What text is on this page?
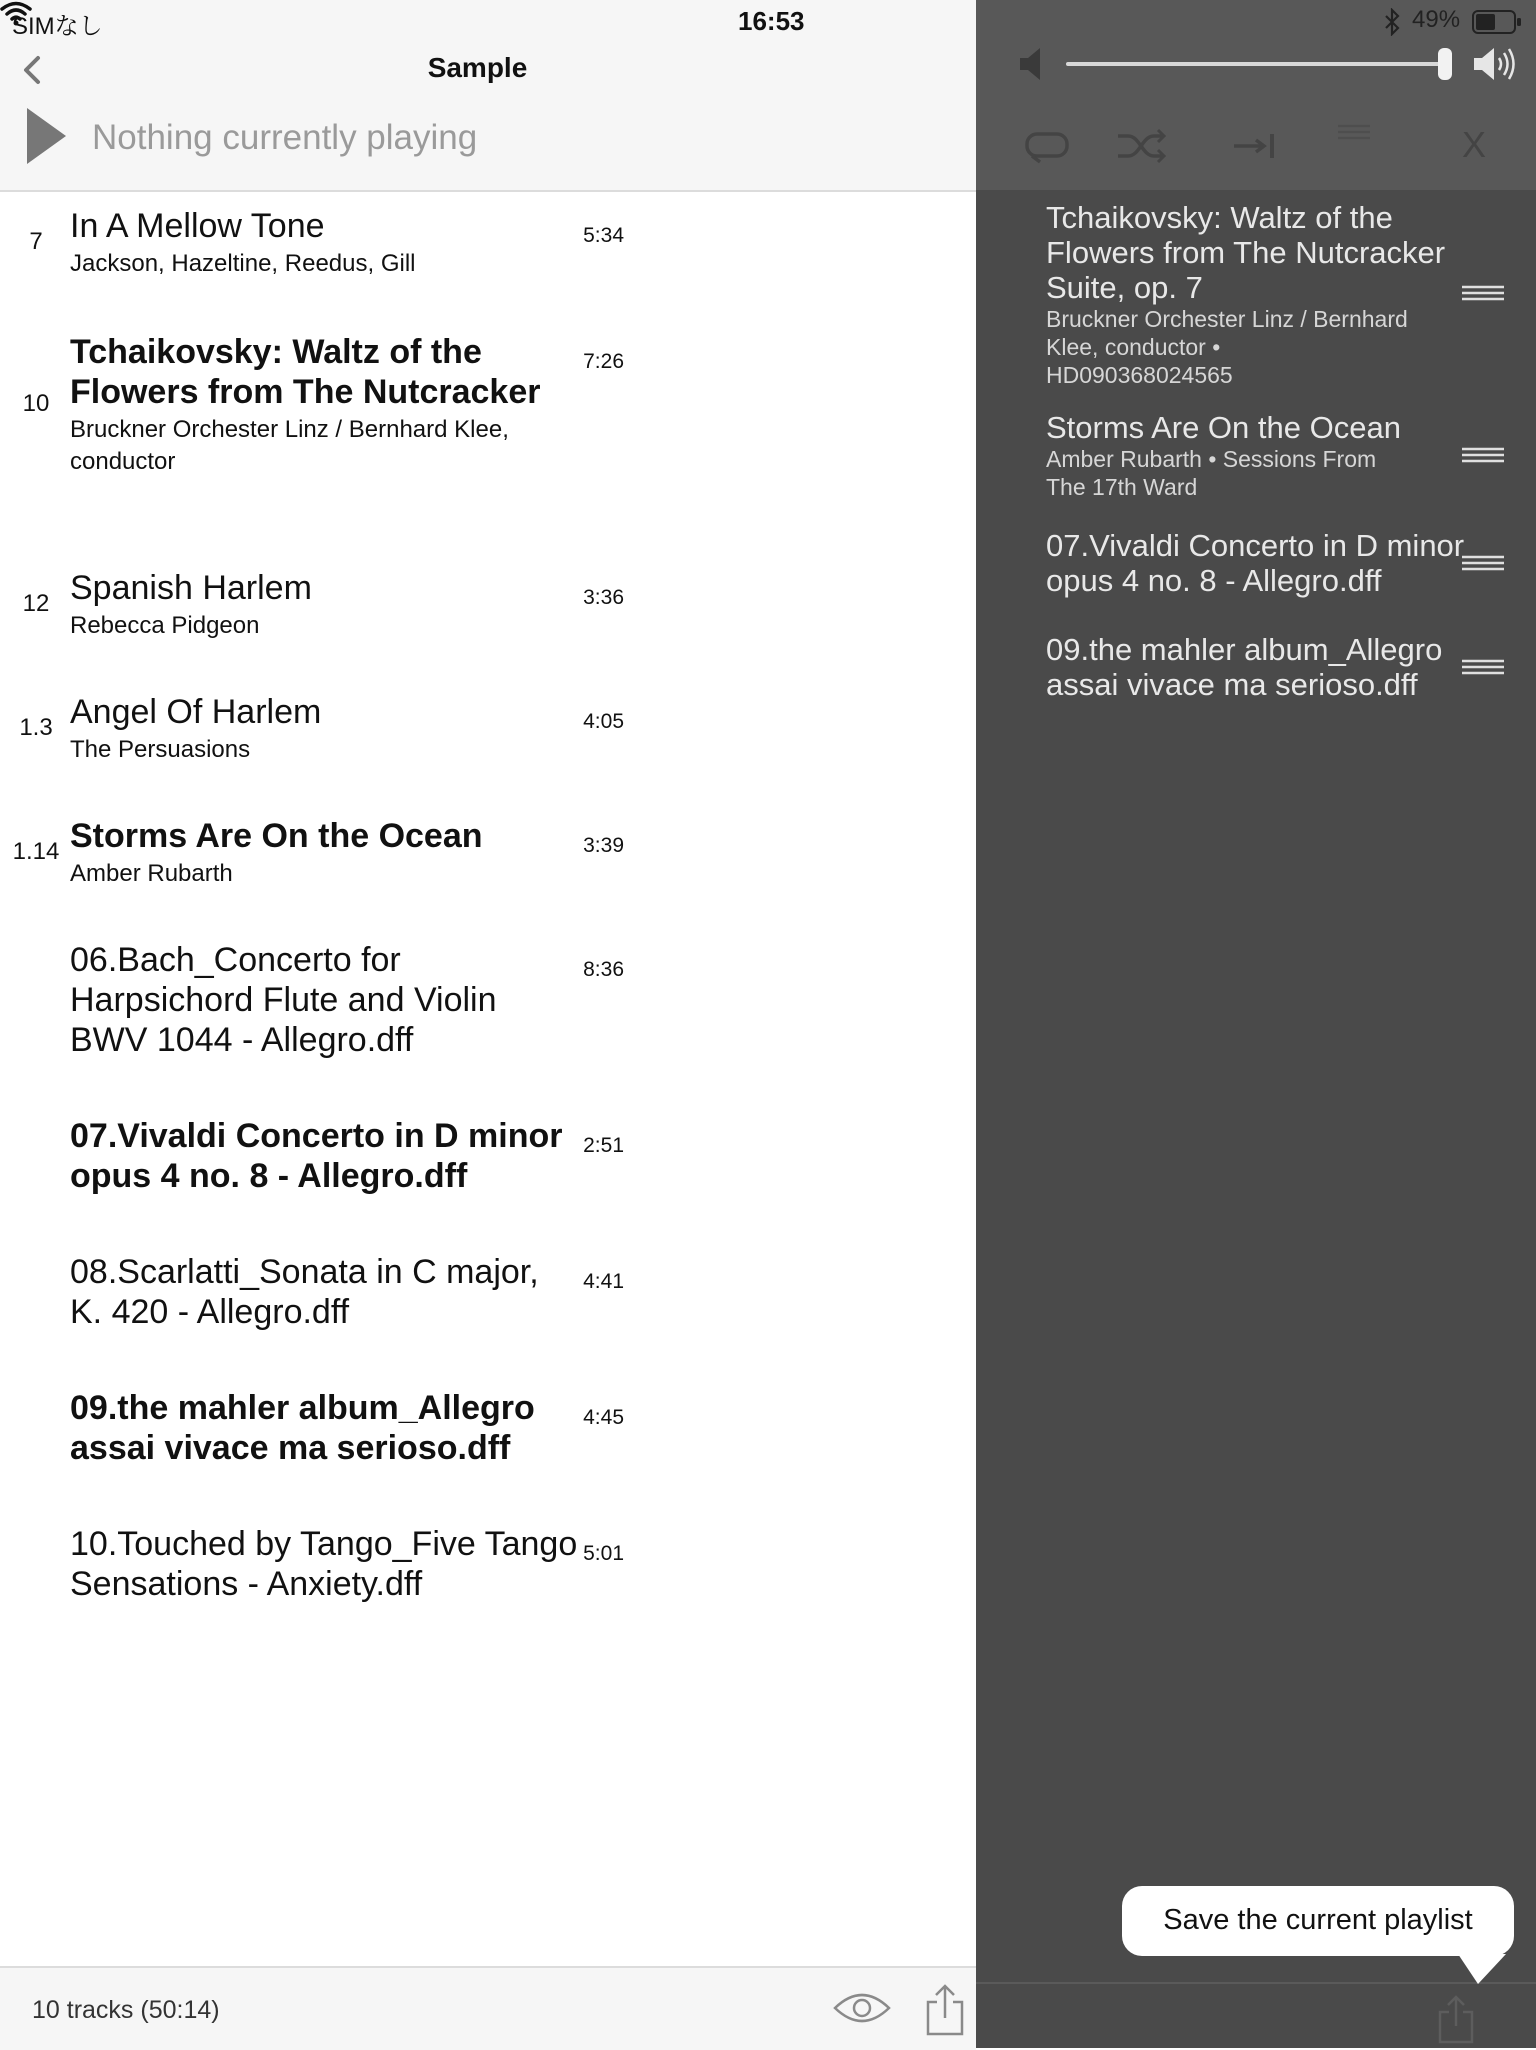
SIMなし	16:53
Sample
Nothing currently playing
7 In A Mellow Tone
Jackson, Hazeltine, Reedus, Gill
5:34
10
Tchaikovsky: Waltz of the
Flowers from The Nutcracker
Bruckner Orchester Linz / Bernhard Klee,
conductor
7:26
12 Spanish Harlem
Rebecca Pidgeon
3:36
1.3 Angel Of Harlem
The Persuasions
4:05
1.14 Storms Are On the Ocean
Amber Rubarth
3:39
06.Bach_Concerto for
Harpsichord Flute and Violin
BWV 1044 - Allegro.dff
8:36
07.Vivaldi Concerto in D minor
opus 4 no. 8 - Allegro.dff
2:51
08.Scarlatti_Sonata in C major,
K. 420 - Allegro.dff
4:41
09.the mahler album_Allegro
assai vivace ma serioso.dff
4:45
10.Touched by Tango_Five Tango
Sensations - Anxiety.dff
5:01
10 tracks (50:14)
49%
X
Tchaikovsky: Waltz of the
Flowers from The Nutcracker
Suite, op. 7
Bruckner Orchester Linz / Bernhard
Klee, conductor •
HD090368024565
Storms Are On the Ocean
Amber Rubarth • Sessions From
The 17th Ward
07.Vivaldi Concerto in D minor
opus 4 no. 8 - Allegro.dff
09.the mahler album_Allegro
assai vivace ma serioso.dff
Save the current playlist
